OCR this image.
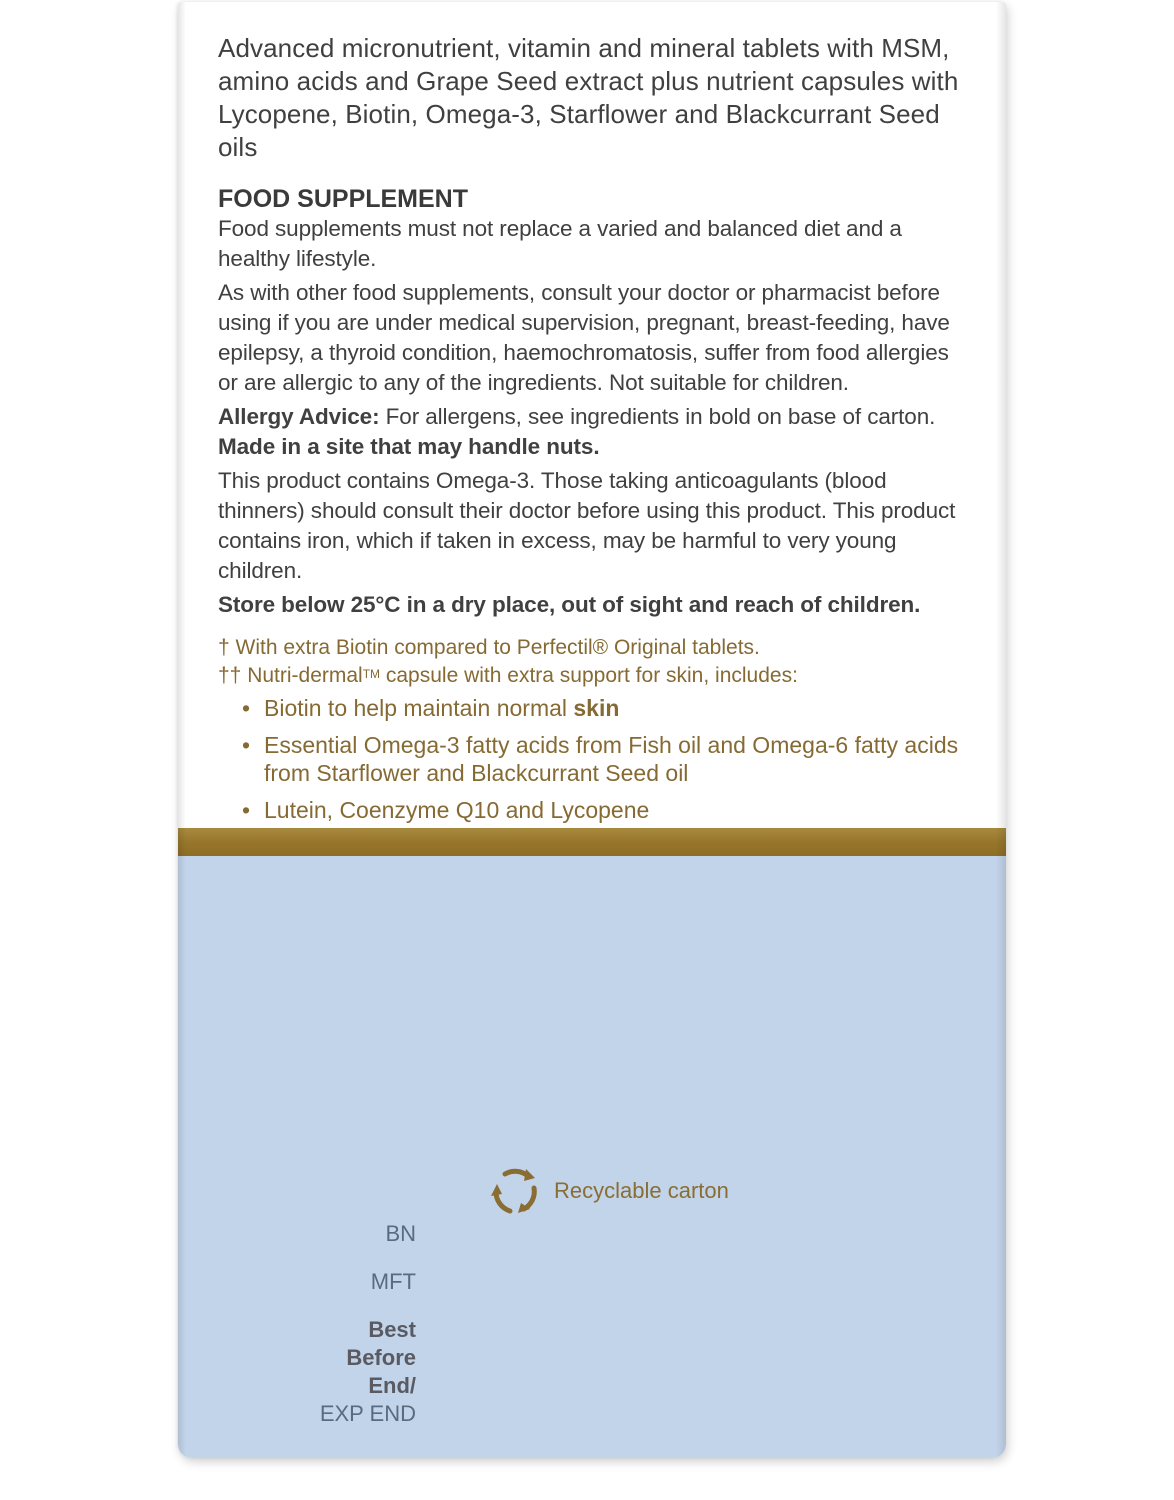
Advanced micronutrient, vitamin and mineral tablets with MSM, amino acids and Grape Seed extract plus nutrient capsules with Lycopene, Biotin, Omega-3, Starflower and Blackcurrant Seed oils

FOOD SUPPLEMENT

Food supplements must not replace a varied and balanced diet and a healthy lifestyle.

As with other food supplements, consult your doctor or pharmacist before using if you are under medical supervision, pregnant, breast-feeding, have epilepsy, a thyroid condition, haemochromatosis, suffer from food allergies or are allergic to any of the ingredients. Not suitable for children.

Allergy Advice: For allergens, see ingredients in bold on base of carton.
Made in a site that may handle nuts.

This product contains Omega-3. Those taking anticoagulants (blood thinners) should consult their doctor before using this product. This product contains iron, which if taken in excess, may be harmful to very young children.

Store below 25°C in a dry place, out of sight and reach of children.

† With extra Biotin compared to Perfectil® Original tablets.

†† Nutri-dermal™ capsule with extra support for skin, includes:

• Biotin to help maintain normal skin
• Essential Omega-3 fatty acids from Fish oil and Omega-6 fatty acids from Starflower and Blackcurrant Seed oil
• Lutein, Coenzyme Q10 and Lycopene

Recyclable carton
BN
MFT
Best
Before
End/
EXP END
